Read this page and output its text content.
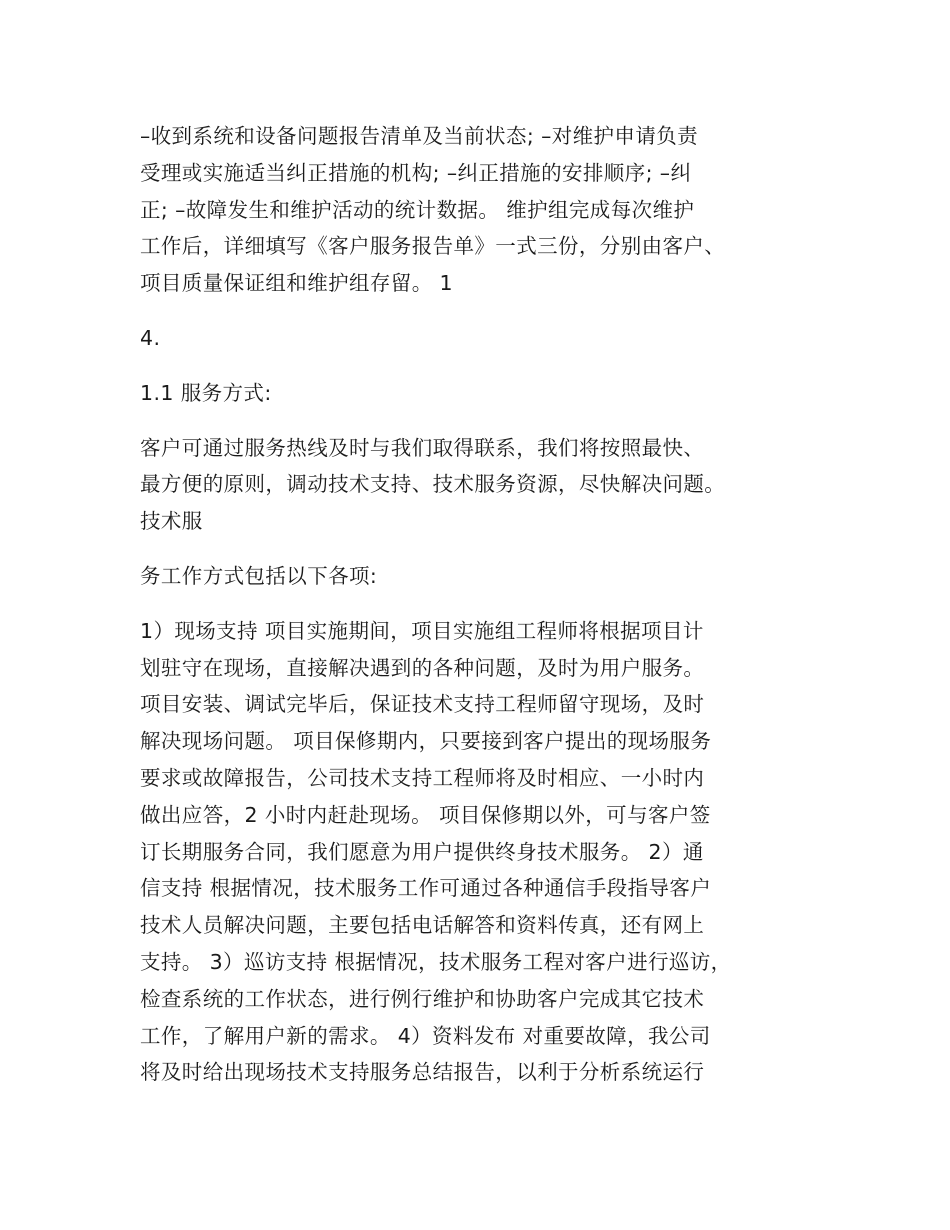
–收到系统和设备问题报告清单及当前状态; –对维护申请负责
受理或实施适当纠正措施的机构; –纠正措施的安排顺序; –纠
正; –故障发生和维护活动的统计数据。 维护组完成每次维护
工作后，详细填写《客户服务报告单》一式三份，分别由客户、
项目质量保证组和维护组存留。 1
4.
1.1 服务方式:
客户可通过服务热线及时与我们取得联系，我们将按照最快、
最方便的原则，调动技术支持、技术服务资源，尽快解决问题。
技术服
务工作方式包括以下各项:
1）现场支持 项目实施期间，项目实施组工程师将根据项目计
划驻守在现场，直接解决遇到的各种问题，及时为用户服务。
项目安装、调试完毕后，保证技术支持工程师留守现场，及时
解决现场问题。 项目保修期内，只要接到客户提出的现场服务
要求或故障报告，公司技术支持工程师将及时相应、一小时内
做出应答，2 小时内赶赴现场。 项目保修期以外，可与客户签
订长期服务合同，我们愿意为用户提供终身技术服务。 2）通
信支持 根据情况，技术服务工作可通过各种通信手段指导客户
技术人员解决问题，主要包括电话解答和资料传真，还有网上
支持。 3）巡访支持 根据情况，技术服务工程对客户进行巡访，
检查系统的工作状态，进行例行维护和协助客户完成其它技术
工作，了解用户新的需求。 4）资料发布 对重要故障，我公司
将及时给出现场技术支持服务总结报告，以利于分析系统运行
